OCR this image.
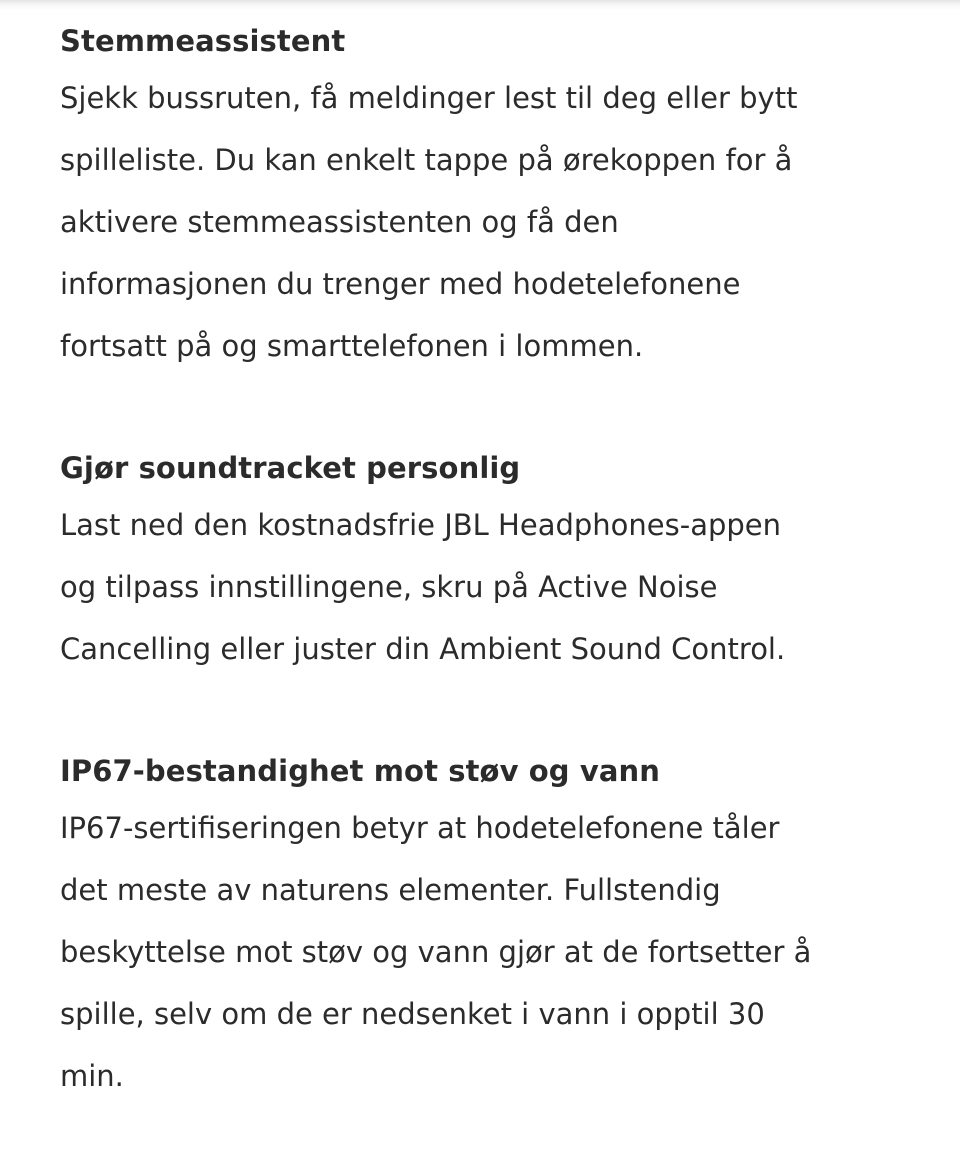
Stemmeassistent

Sjekk bussruten, få meldinger lest til deg eller bytt
spilleliste. Du kan enkelt tappe på ørekoppen for å
aktivere stemmeassistenten og få den
informasjonen du trenger med hodetelefonene
fortsatt på og smarttelefonen i lommen.

Gjør soundtracket personlig

Last ned den kostnadsfrie JBL Headphones-appen
og tilpass innstillingene, skru på Active Noise
Cancelling eller juster din Ambient Sound Control.

IP67-bestandighet mot støv og vann

IP67-sertifiseringen betyr at hodetelefonene tåler
det meste av naturens elementer. Fullstendig
beskyttelse mot støv og vann gjør at de fortsetter å
spille, selv om de er nedsenket i vann i opptil 30
min.
